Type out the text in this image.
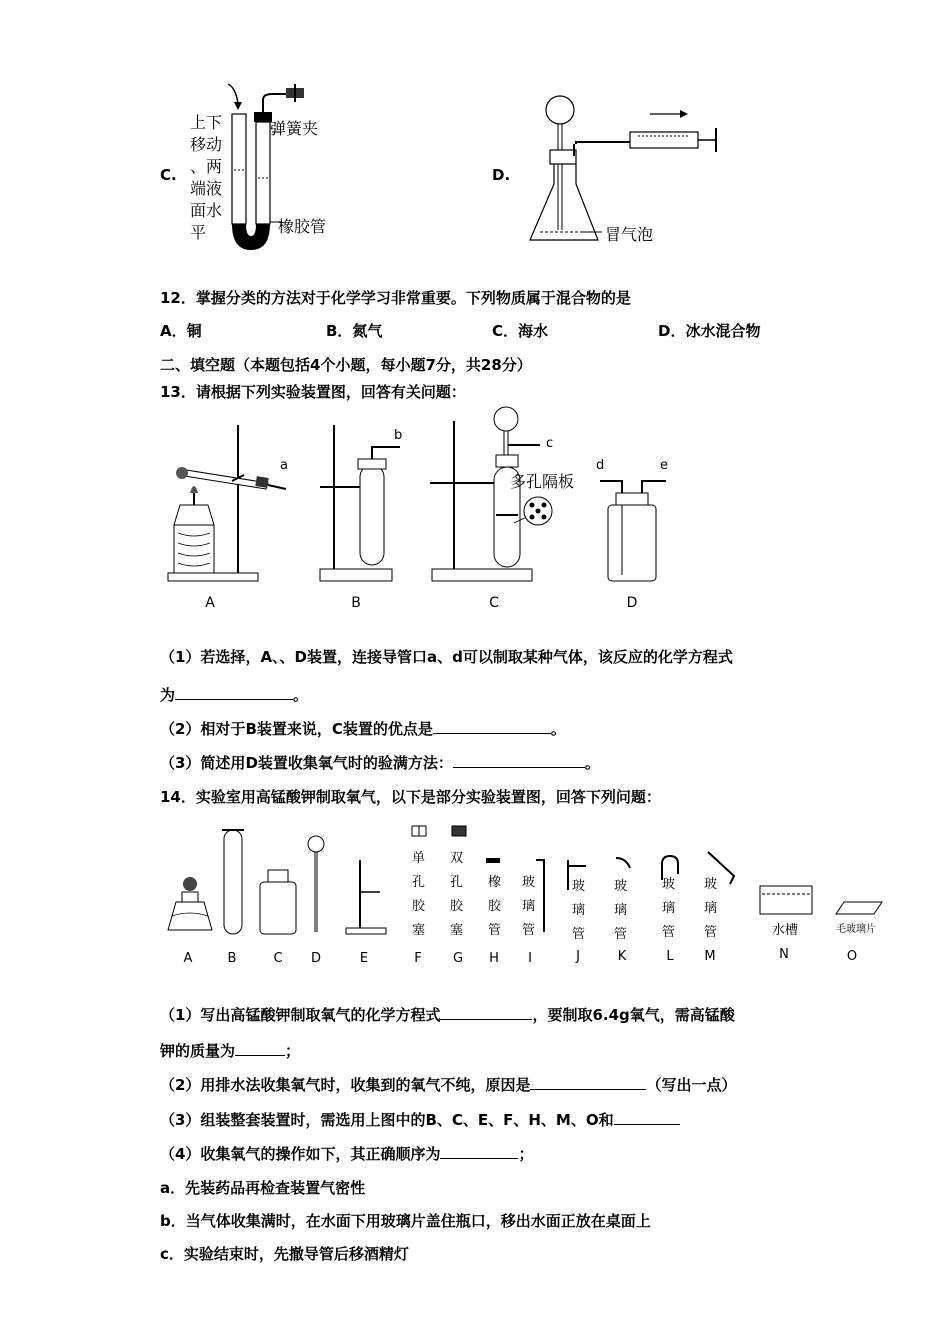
C.
上下
移动
、两
端液
面水
平
弹簧夹
橡胶管
D.
冒气泡
12．掌握分类的方法对于化学学习非常重要。下列物质属于混合物的是
A．铜	B．氮气	C．海水	D．冰水混合物
二、填空题（本题包括4个小题，每小题7分，共28分）
13．请根据下列实验装置图，回答有关问题：
a
b
c
多孔隔板
d	e
A	B	C	D
（1）若选择，A、、D装置，连接导管口a、d可以制取某种气体，该反应的化学方程式
为	。
（2）相对于B装置来说，C装置的优点是	。
（3）简述用D装置收集氧气时的验满方法：	。
14．实验室用高锰酸钾制取氧气，以下是部分实验装置图，回答下列问题：
单
孔
胶
塞
双
孔
胶
塞
橡
胶
管
玻
璃
管
玻
璃
管
玻
璃
管
玻
璃
管
玻
璃
管	水槽	毛玻璃片
A	B	C D	E	F G H I	J	K	L M	N	O
（1）写出高锰酸钾制取氧气的化学方程式	，要制取6.4g氧气，需高锰酸
钾的质量为	；
（2）用排水法收集氧气时，收集到的氧气不纯，原因是	（写出一点）
（3）组装整套装置时，需选用上图中的B、C、E、F、H、M、O和
（4）收集氧气的操作如下，其正确顺序为	；
a．先装药品再检查装置气密性
b．当气体收集满时，在水面下用玻璃片盖住瓶口，移出水面正放在桌面上
c．实验结束时，先撤导管后移酒精灯
